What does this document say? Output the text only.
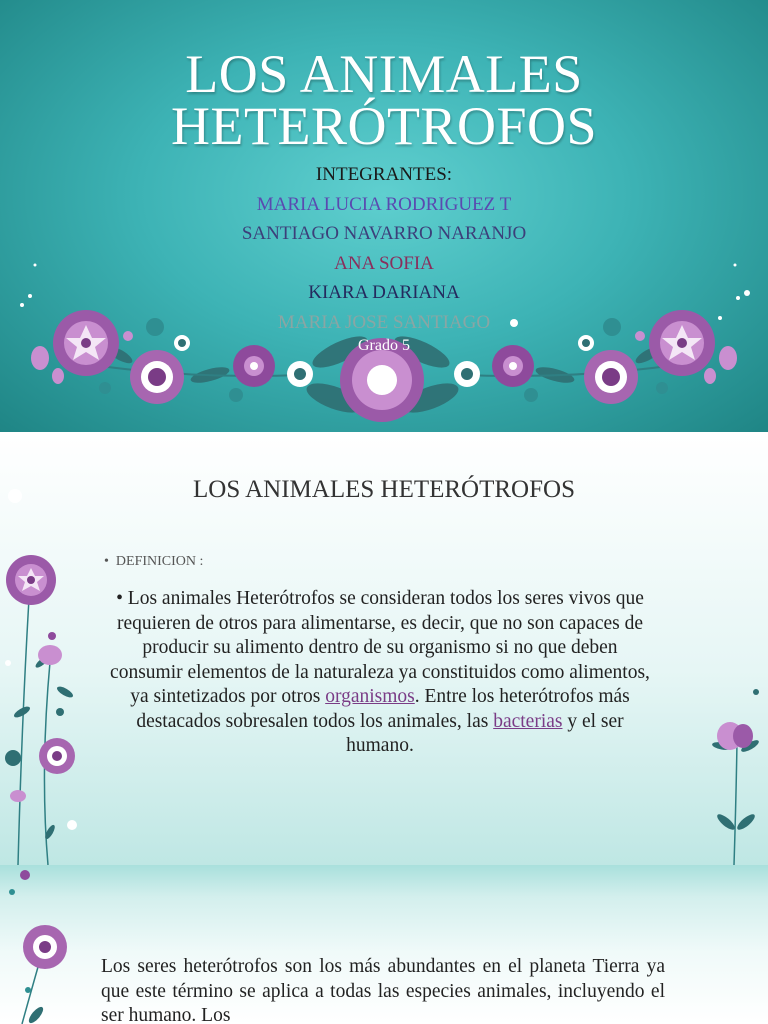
LOS ANIMALES
HETERÓTROFOS
INTEGRANTES:
MARIA LUCIA RODRIGUEZ T
SANTIAGO NAVARRO NARANJO
ANA SOFIA
KIARA DARIANA
MARIA JOSE SANTIAGO
Grado 5
LOS ANIMALES HETERÓTROFOS
•  DEFINICION :
• Los animales Heterótrofos se consideran todos los seres vivos que requieren de otros para alimentarse, es decir, que no son capaces de producir su alimento dentro de su organismo si no que deben consumir elementos de la naturaleza ya constituidos como alimentos, ya sintetizados por otros organismos. Entre los heterótrofos más destacados sobresalen todos los animales, las bacterias y el ser humano.

Los seres heterótrofos son los más abundantes en el planeta Tierra ya que este término se aplica a todas las especies animales, incluyendo el ser humano. Los
